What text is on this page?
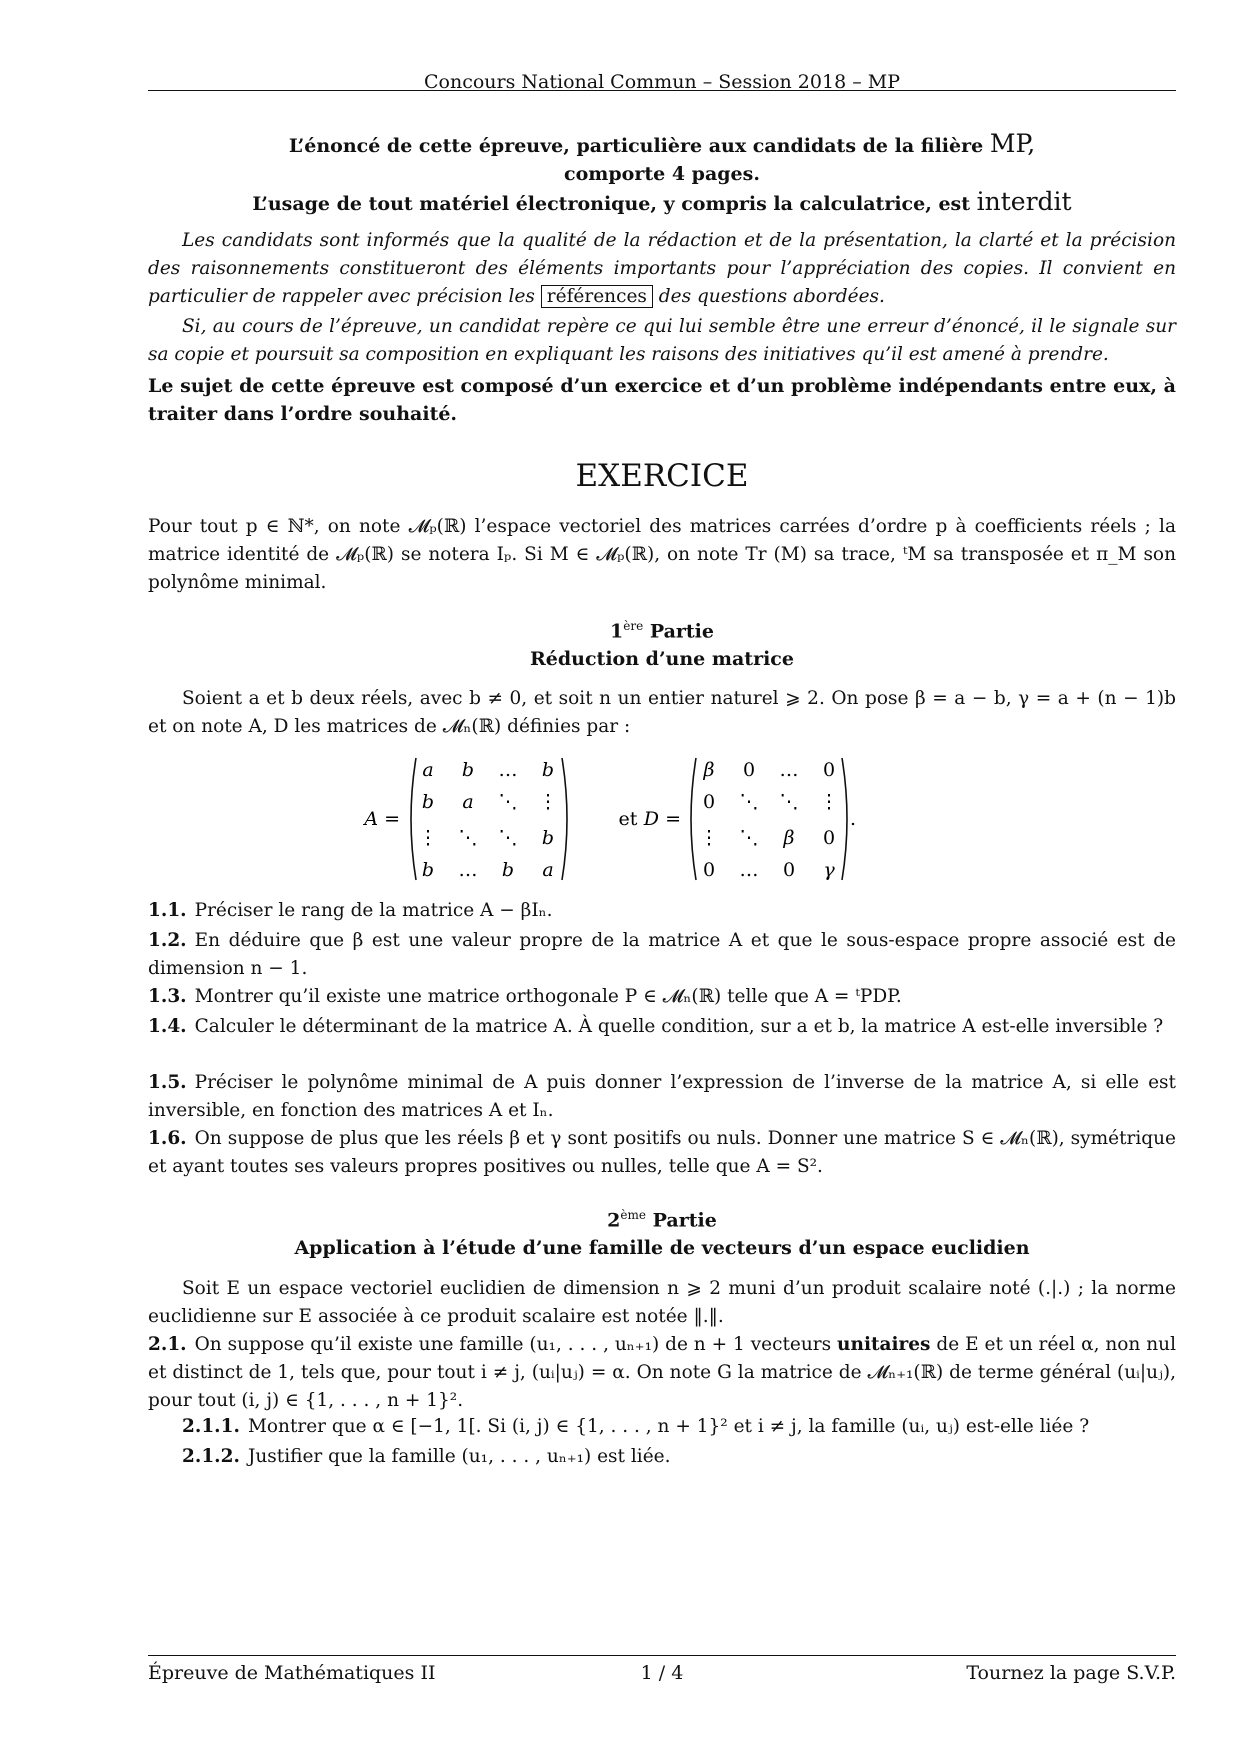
Concours National Commun – Session 2018 – MP
L’énoncé de cette épreuve, particulière aux candidats de la filière MP,
comporte 4 pages.
L’usage de tout matériel électronique, y compris la calculatrice, est interdit

Les candidats sont informés que la qualité de la rédaction et de la présentation, la clarté et la précision des raisonnements constitueront des éléments importants pour l’appréciation des copies. Il convient en particulier de rappeler avec précision les références des questions abordées.

Si, au cours de l’épreuve, un candidat repère ce qui lui semble être une erreur d’énoncé, il le signale sur sa copie et poursuit sa composition en expliquant les raisons des initiatives qu’il est amené à prendre.

Le sujet de cette épreuve est composé d’un exercice et d’un problème indépendants entre eux, à traiter dans l’ordre souhaité.

EXERCICE

Pour tout p ∈ ℕ*, on note 𝓜ₚ(ℝ) l’espace vectoriel des matrices carrées d’ordre p à coefficients réels ; la matrice identité de 𝓜ₚ(ℝ) se notera Iₚ. Si M ∈ 𝓜ₚ(ℝ), on note Tr (M) sa trace, ᵗM sa transposée et π_M son polynôme minimal.

1ère Partie
Réduction d’une matrice

Soient a et b deux réels, avec b ≠ 0, et soit n un entier naturel ⩾ 2. On pose β = a − b, γ = a + (n − 1)b et on note A, D les matrices de 𝓜ₙ(ℝ) définies par :

A =
a b … b
b a ⋱ ⋮
⋮ ⋱ ⋱ b
b … b a
et D =
β 0 … 0
0 ⋱ ⋱ ⋮
⋮ ⋱ β 0
0 … 0 γ
.

1.1. Préciser le rang de la matrice A − βIₙ.

1.2. En déduire que β est une valeur propre de la matrice A et que le sous-espace propre associé est de dimension n − 1.

1.3. Montrer qu’il existe une matrice orthogonale P ∈ 𝓜ₙ(ℝ) telle que A = ᵗPDP.

1.4. Calculer le déterminant de la matrice A. À quelle condition, sur a et b, la matrice A est-elle inversible ?

1.5. Préciser le polynôme minimal de A puis donner l’expression de l’inverse de la matrice A, si elle est inversible, en fonction des matrices A et Iₙ.

1.6. On suppose de plus que les réels β et γ sont positifs ou nuls. Donner une matrice S ∈ 𝓜ₙ(ℝ), symétrique et ayant toutes ses valeurs propres positives ou nulles, telle que A = S².

2ème Partie
Application à l’étude d’une famille de vecteurs d’un espace euclidien

Soit E un espace vectoriel euclidien de dimension n ⩾ 2 muni d’un produit scalaire noté (.|.) ; la norme euclidienne sur E associée à ce produit scalaire est notée ‖.‖.

2.1. On suppose qu’il existe une famille (u₁, . . . , uₙ₊₁) de n + 1 vecteurs unitaires de E et un réel α, non nul et distinct de 1, tels que, pour tout i ≠ j, (uᵢ|uⱼ) = α. On note G la matrice de 𝓜ₙ₊₁(ℝ) de terme général (uᵢ|uⱼ), pour tout (i, j) ∈ {1, . . . , n + 1}².

2.1.1. Montrer que α ∈ [−1, 1[. Si (i, j) ∈ {1, . . . , n + 1}² et i ≠ j, la famille (uᵢ, uⱼ) est-elle liée ?

2.1.2. Justifier que la famille (u₁, . . . , uₙ₊₁) est liée.

Épreuve de Mathématiques II	1 / 4	Tournez la page S.V.P.
